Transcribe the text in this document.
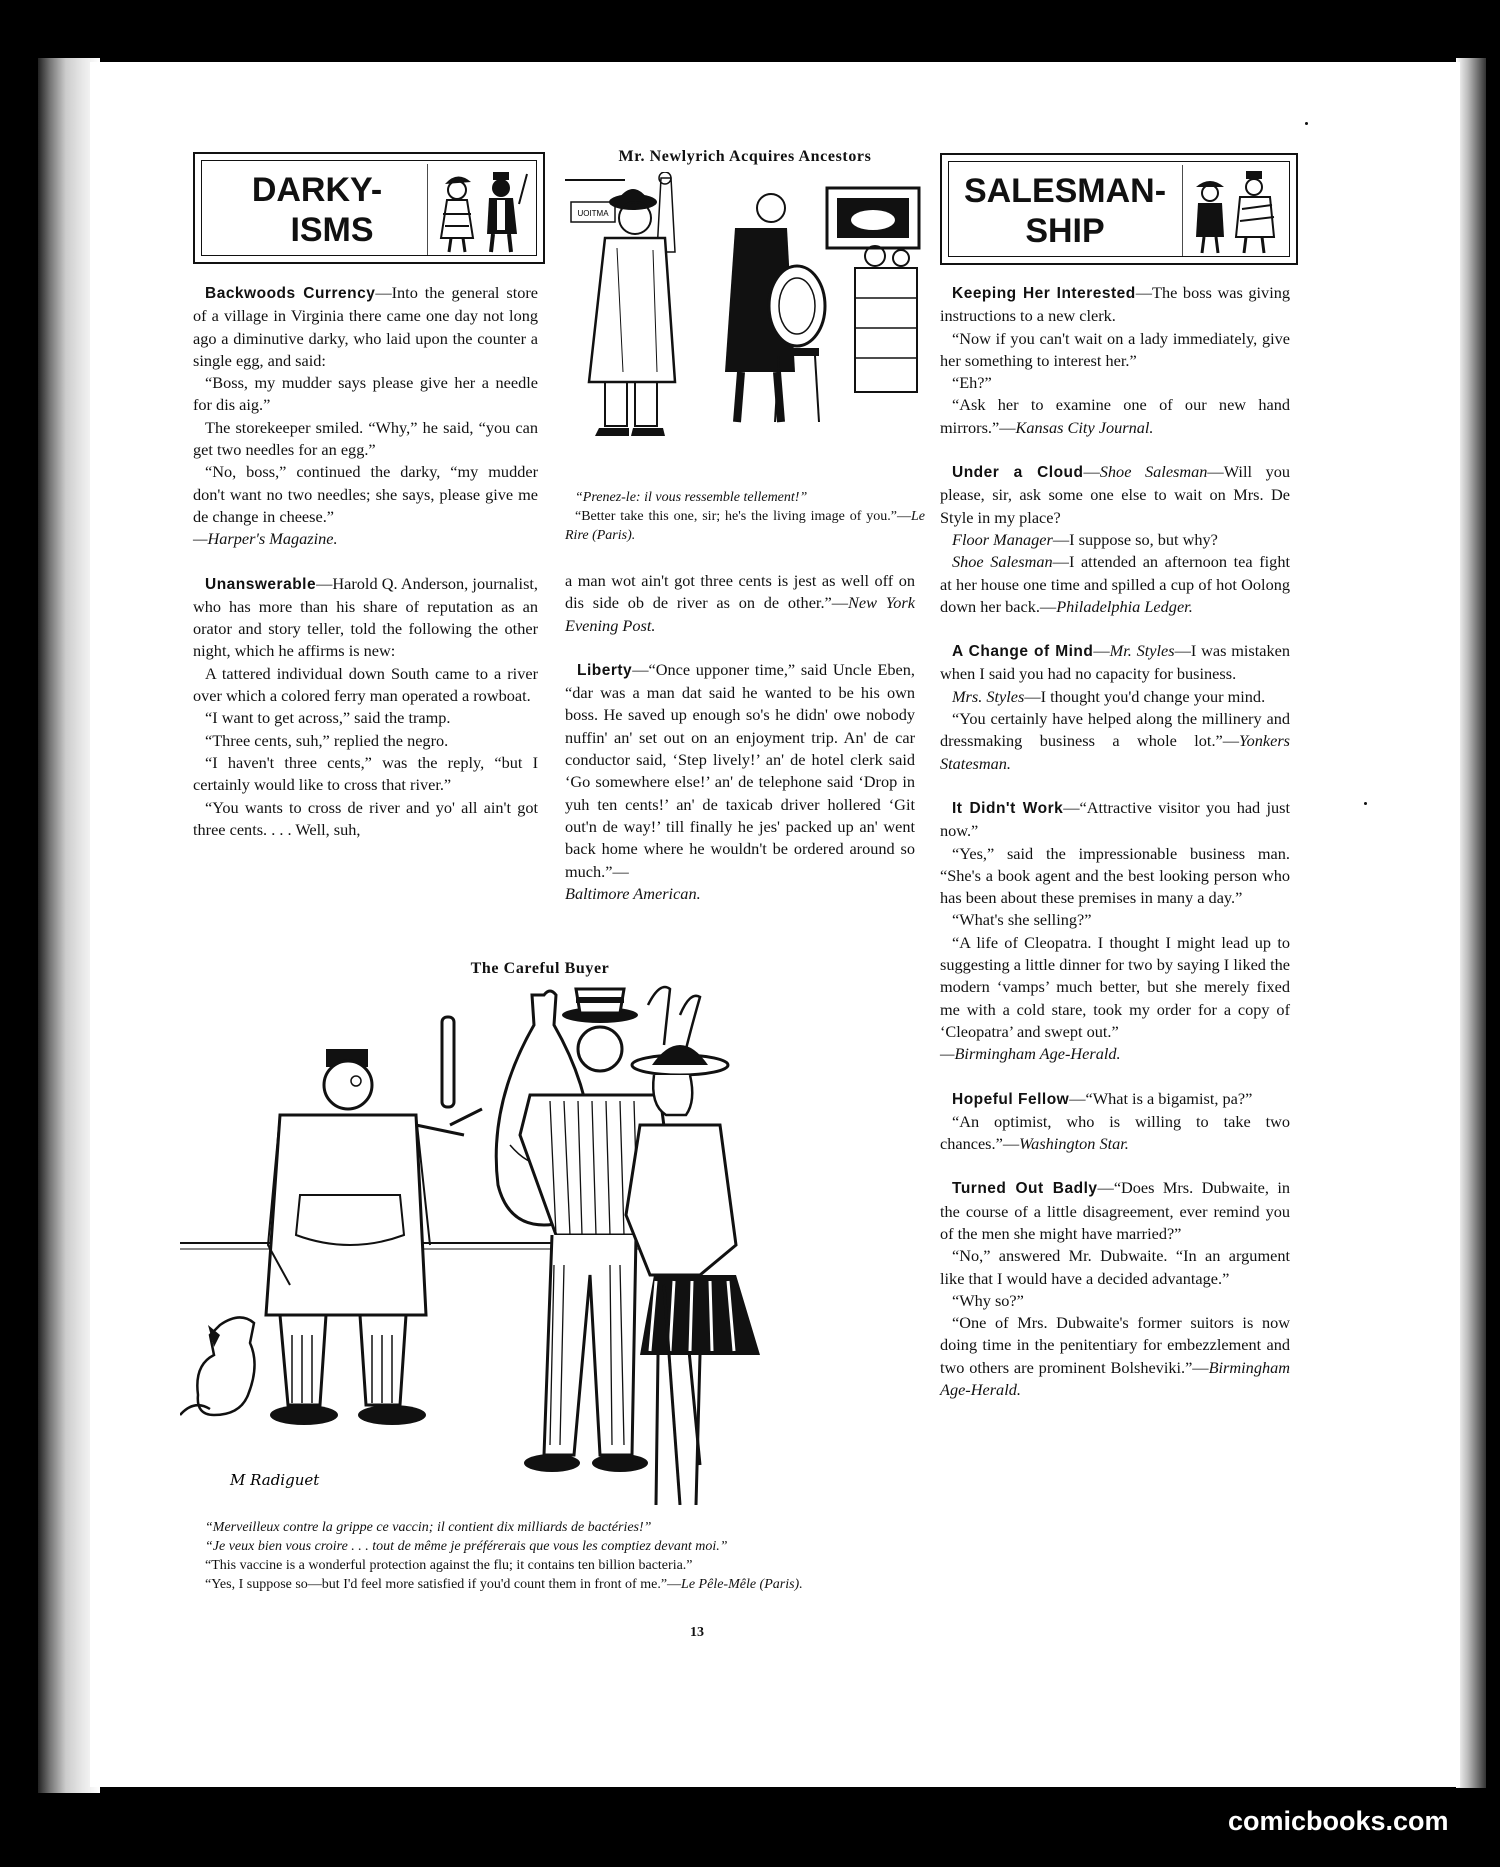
DARKY-
ISMS
SALESMAN-
SHIP
Mr. Newlyrich Acquires Ancestors
UOITMA

“Prenez-le: il vous ressemble tellement!”

“Better take this one, sir; he's the living image of you.”—Le Rire (Paris).

Backwoods Currency—Into the general store of a village in Virginia there came one day not long ago a diminutive darky, who laid upon the counter a single egg, and said:

“Boss, my mudder says please give her a needle for dis aig.”

The storekeeper smiled. “Why,” he said, “you can get two needles for an egg.”

“No, boss,” continued the darky, “my mudder don't want no two needles; she says, please give me de change in cheese.”

—Harper's Magazine.

Unanswerable—Harold Q. Anderson, journalist, who has more than his share of reputation as an orator and story teller, told the following the other night, which he affirms is new:

A tattered individual down South came to a river over which a colored ferry man operated a rowboat.

“I want to get across,” said the tramp.

“Three cents, suh,” replied the negro.

“I haven't three cents,” was the reply, “but I certainly would like to cross that river.”

“You wants to cross de river and yo' all ain't got three cents. . . . Well, suh,

a man wot ain't got three cents is jest as well off on dis side ob de river as on de other.”—New York Evening Post.

Liberty—“Once upponer time,” said Uncle Eben, “dar was a man dat said he wanted to be his own boss. He saved up enough so's he didn' owe nobody nuffin' an' set out on an enjoyment trip. An' de car conductor said, ‘Step lively!’ an' de hotel clerk said ‘Go somewhere else!’ an' de telephone said ‘Drop in yuh ten cents!’ an' de taxicab driver hollered ‘Git out'n de way!’ till finally he jes' packed up an' went back home where he wouldn't be ordered around so much.”—

Baltimore American.

Keeping Her Interested—The boss was giving instructions to a new clerk.

“Now if you can't wait on a lady immediately, give her something to interest her.”

“Eh?”

“Ask her to examine one of our new hand mirrors.”—Kansas City Journal.

Under a Cloud—Shoe Salesman—Will you please, sir, ask some one else to wait on Mrs. De Style in my place?

Floor Manager—I suppose so, but why?

Shoe Salesman—I attended an afternoon tea fight at her house one time and spilled a cup of hot Oolong down her back.—Philadelphia Ledger.

A Change of Mind—Mr. Styles—I was mistaken when I said you had no capacity for business.

Mrs. Styles—I thought you'd change your mind.

“You certainly have helped along the millinery and dressmaking business a whole lot.”—Yonkers Statesman.

It Didn't Work—“Attractive visitor you had just now.”

“Yes,” said the impressionable business man. “She's a book agent and the best looking person who has been about these premises in many a day.”

“What's she selling?”

“A life of Cleopatra. I thought I might lead up to suggesting a little dinner for two by saying I liked the modern ‘vamps’ much better, but she merely fixed me with a cold stare, took my order for a copy of ‘Cleopatra’ and swept out.”

—Birmingham Age-Herald.

Hopeful Fellow—“What is a bigamist, pa?”

“An optimist, who is willing to take two chances.”—Washington Star.

Turned Out Badly—“Does Mrs. Dubwaite, in the course of a little disagreement, ever remind you of the men she might have married?”

“No,” answered Mr. Dubwaite. “In an argument like that I would have a decided advantage.”

“Why so?”

“One of Mrs. Dubwaite's former suitors is now doing time in the penitentiary for embezzlement and two others are prominent Bolsheviki.”—Birmingham Age-Herald.

The Careful Buyer
M Radiguet

“Merveilleux contre la grippe ce vaccin; il contient dix milliards de bactéries!”

“Je veux bien vous croire . . . tout de même je préférerais que vous les comptiez devant moi.”

“This vaccine is a wonderful protection against the flu; it contains ten billion bacteria.”

“Yes, I suppose so—but I'd feel more satisfied if you'd count them in front of me.”—Le Pêle-Mêle (Paris).

13
comicbooks.com
